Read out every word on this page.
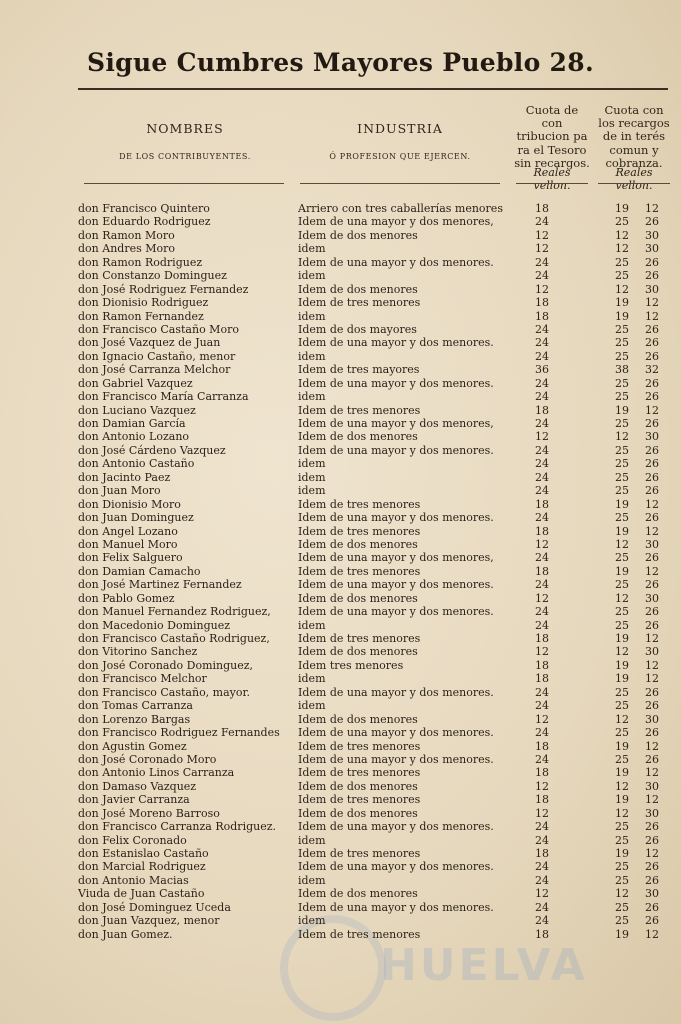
Sigue Cumbres Mayores Pueblo 28.
NOMBRES
DE LOS CONTRIBUYENTES.
INDUSTRIA
Ó PROFESION QUE EJERCEN.
Cuota de con tribucion pa ra el Tesoro sin recargos.
Cuota con los recargos de in terés comun y cobranza.
Reales vellon.
Reales vellon.
HUELVA
don Francisco Quintero	Arriero con tres caballerías menores	18	19	12
don Eduardo Rodriguez	Idem de una mayor y dos menores,	24	25	26
don Ramon Moro	Idem de dos menores	12	12	30
don Andres Moro	idem	12	12	30
don Ramon Rodriguez	Idem de una mayor y dos menores.	24	25	26
don Constanzo Dominguez	idem	24	25	26
don José Rodriguez Fernandez	Idem de dos menores	12	12	30
don Dionisio Rodriguez	Idem de tres menores	18	19	12
don Ramon Fernandez	idem	18	19	12
don Francisco Castaño Moro	Idem de dos mayores	24	25	26
don José Vazquez de Juan	Idem de una mayor y dos menores.	24	25	26
don Ignacio Castaño, menor	idem	24	25	26
don José Carranza Melchor	Idem de tres mayores	36	38	32
don Gabriel Vazquez	Idem de una mayor y dos menores.	24	25	26
don Francisco María Carranza	idem	24	25	26
don Luciano Vazquez	Idem de tres menores	18	19	12
don Damian García	Idem de una mayor y dos menores,	24	25	26
don Antonio Lozano	Idem de dos menores	12	12	30
don José Cárdeno Vazquez	Idem de una mayor y dos menores.	24	25	26
don Antonio Castaño	idem	24	25	26
don Jacinto Paez	idem	24	25	26
don Juan Moro	idem	24	25	26
don Dionisio Moro	Idem de tres menores	18	19	12
don Juan Dominguez	Idem de una mayor y dos menores.	24	25	26
don Angel Lozano	Idem de tres menores	18	19	12
don Manuel Moro	Idem de dos menores	12	12	30
don Felix Salguero	Idem de una mayor y dos menores,	24	25	26
don Damian Camacho	Idem de tres menores	18	19	12
don José Martinez Fernandez	Idem de una mayor y dos menores.	24	25	26
don Pablo Gomez	Idem de dos menores	12	12	30
don Manuel Fernandez Rodriguez,	Idem de una mayor y dos menores.	24	25	26
don Macedonio Dominguez	idem	24	25	26
don Francisco Castaño Rodriguez,	Idem de tres menores	18	19	12
don Vitorino Sanchez	Idem de dos menores	12	12	30
don José Coronado Dominguez,	Idem tres menores	18	19	12
don Francisco Melchor	idem	18	19	12
don Francisco Castaño, mayor.	Idem de una mayor y dos menores.	24	25	26
don Tomas Carranza	idem	24	25	26
don Lorenzo Bargas	Idem de dos menores	12	12	30
don Francisco Rodriguez Fernandes	Idem de una mayor y dos menores.	24	25	26
don Agustin Gomez	Idem de tres menores	18	19	12
don José Coronado Moro	Idem de una mayor y dos menores.	24	25	26
don Antonio Linos Carranza	Idem de tres menores	18	19	12
don Damaso Vazquez	Idem de dos menores	12	12	30
don Javier Carranza	Idem de tres menores	18	19	12
don José Moreno Barroso	Idem de dos menores	12	12	30
don Francisco Carranza Rodriguez.	Idem de una mayor y dos menores.	24	25	26
don Felix Coronado	idem	24	25	26
don Estanislao Castaño	Idem de tres menores	18	19	12
don Marcial Rodriguez	Idem de una mayor y dos menores.	24	25	26
don Antonio Macias	idem	24	25	26
Viuda de Juan Castaño	Idem de dos menores	12	12	30
don José Dominguez Uceda	Idem de una mayor y dos menores.	24	25	26
don Juan Vazquez, menor	idem	24	25	26
don Juan Gomez.	Idem de tres menores	18	19	12
